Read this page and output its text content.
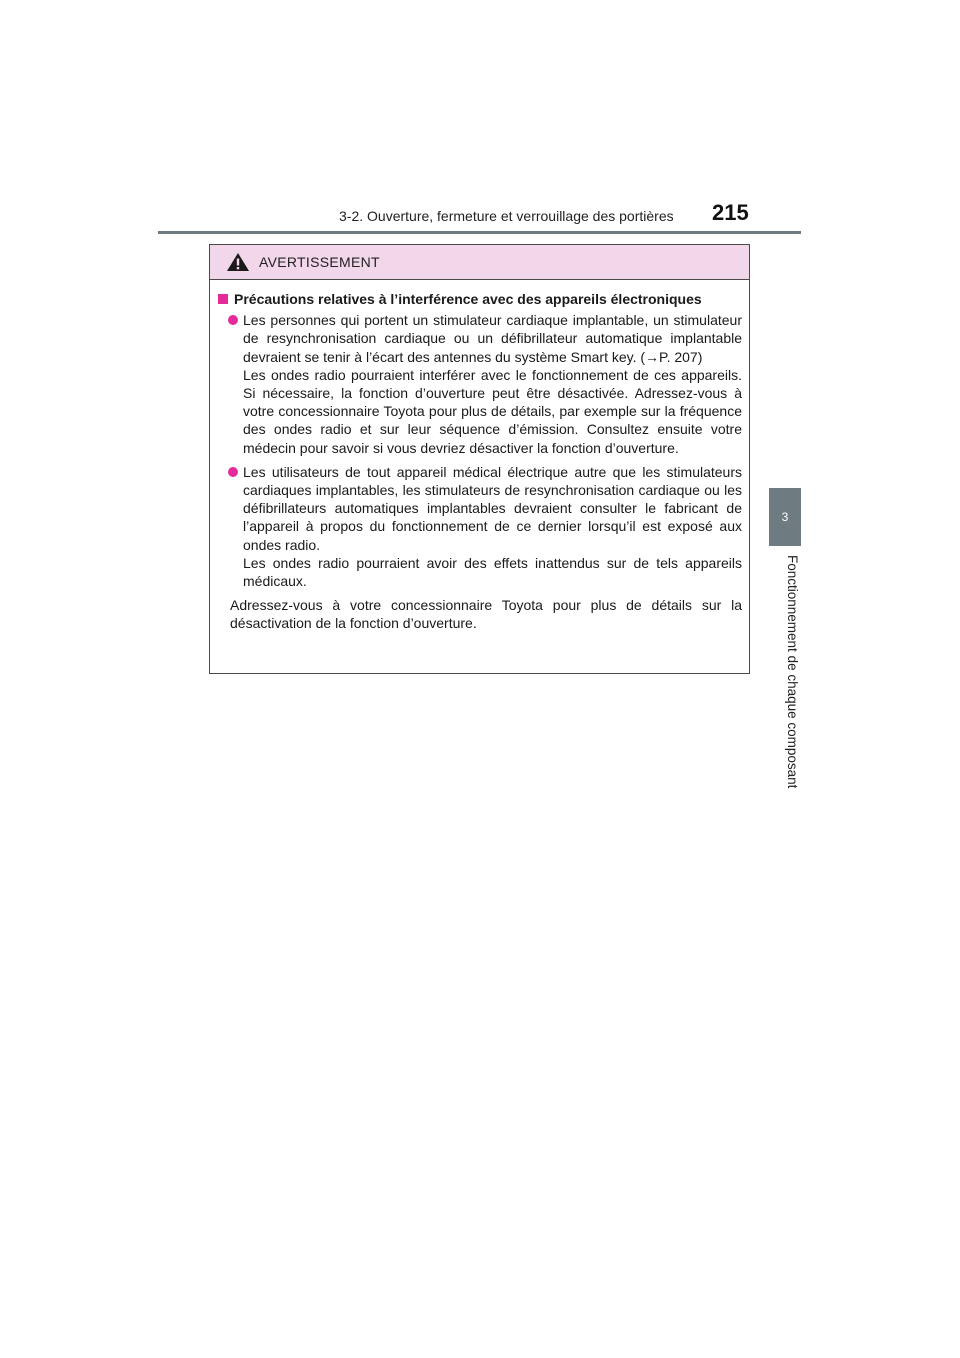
3-2. Ouverture, fermeture et verrouillage des portières 215
3
Fonctionnement de chaque composant
AVERTISSEMENT
Précautions relatives à l’interférence avec des appareils électroniques

Les personnes qui portent un stimulateur cardiaque implantable, un stimulateur de resynchronisation cardiaque ou un défibrillateur automatique implantable devraient se tenir à l’écart des antennes du système Smart key. (→P. 207)

Les ondes radio pourraient interférer avec le fonctionnement de ces appareils. Si nécessaire, la fonction d’ouverture peut être désactivée. Adressez-vous à votre concessionnaire Toyota pour plus de détails, par exemple sur la fréquence des ondes radio et sur leur séquence d’émission. Consultez ensuite votre médecin pour savoir si vous devriez désactiver la fonction d’ouverture.

Les utilisateurs de tout appareil médical électrique autre que les stimulateurs cardiaques implantables, les stimulateurs de resynchronisation cardiaque ou les défibrillateurs automatiques implantables devraient consulter le fabricant de l’appareil à propos du fonctionnement de ce dernier lorsqu’il est exposé aux ondes radio.

Les ondes radio pourraient avoir des effets inattendus sur de tels appareils médicaux.

Adressez-vous à votre concessionnaire Toyota pour plus de détails sur la désactivation de la fonction d’ouverture.
